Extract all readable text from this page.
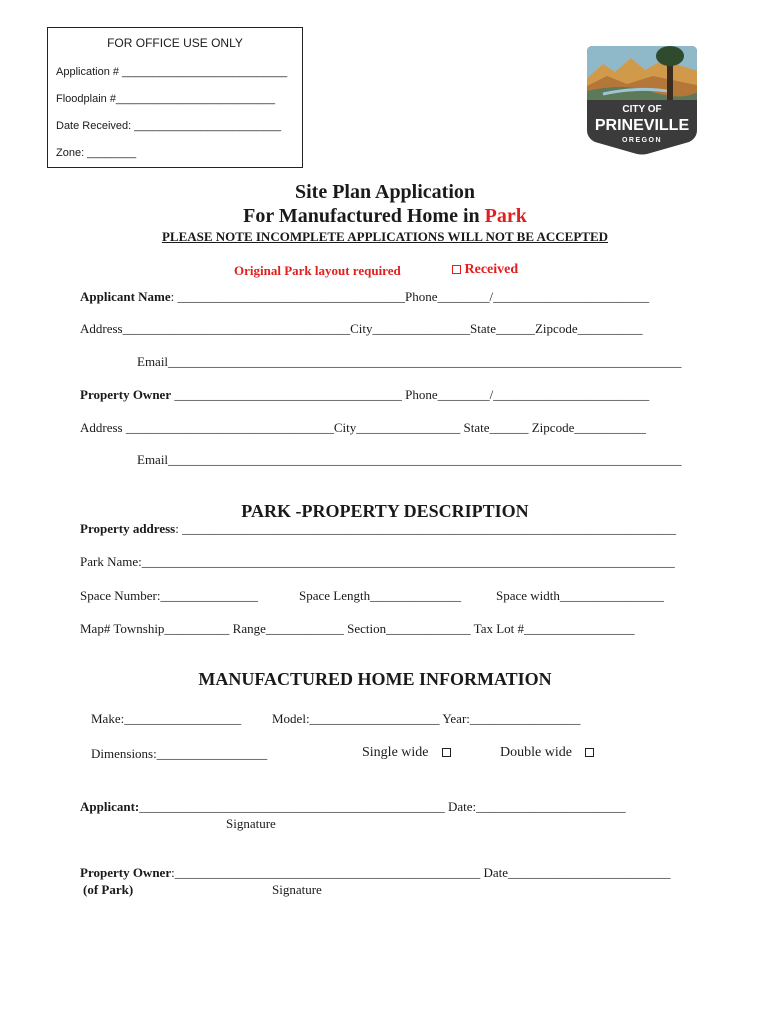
FOR OFFICE USE ONLY
Application # ___________________________
Floodplain #__________________________
Date Received: ________________________
Zone: ________
CITY OF
PRINEVILLE
OREGON
Site Plan Application
For Manufactured Home in Park
PLEASE NOTE INCOMPLETE APPLICATIONS WILL NOT BE ACCEPTED
Original Park layout required	Received
Applicant Name: ___________________________________Phone________/________________________
Address___________________________________City_______________State______Zipcode__________
Email_______________________________________________________________________________
Property Owner ___________________________________ Phone________/________________________
Address ________________________________City________________ State______ Zipcode___________
Email_______________________________________________________________________________
PARK -PROPERTY DESCRIPTION
Property address: ____________________________________________________________________________
Park Name:__________________________________________________________________________________
Space Number:_______________	Space Length______________	Space width________________
Map# Township__________ Range____________ Section_____________ Tax Lot #_________________
MANUFACTURED HOME INFORMATION
Make:__________________ Model:____________________ Year:_________________
Dimensions:_________________	Single wide	Double wide
Applicant:_______________________________________________ Date:_______________________
Signature
Property Owner:_______________________________________________ Date_________________________
(of Park)	Signature
